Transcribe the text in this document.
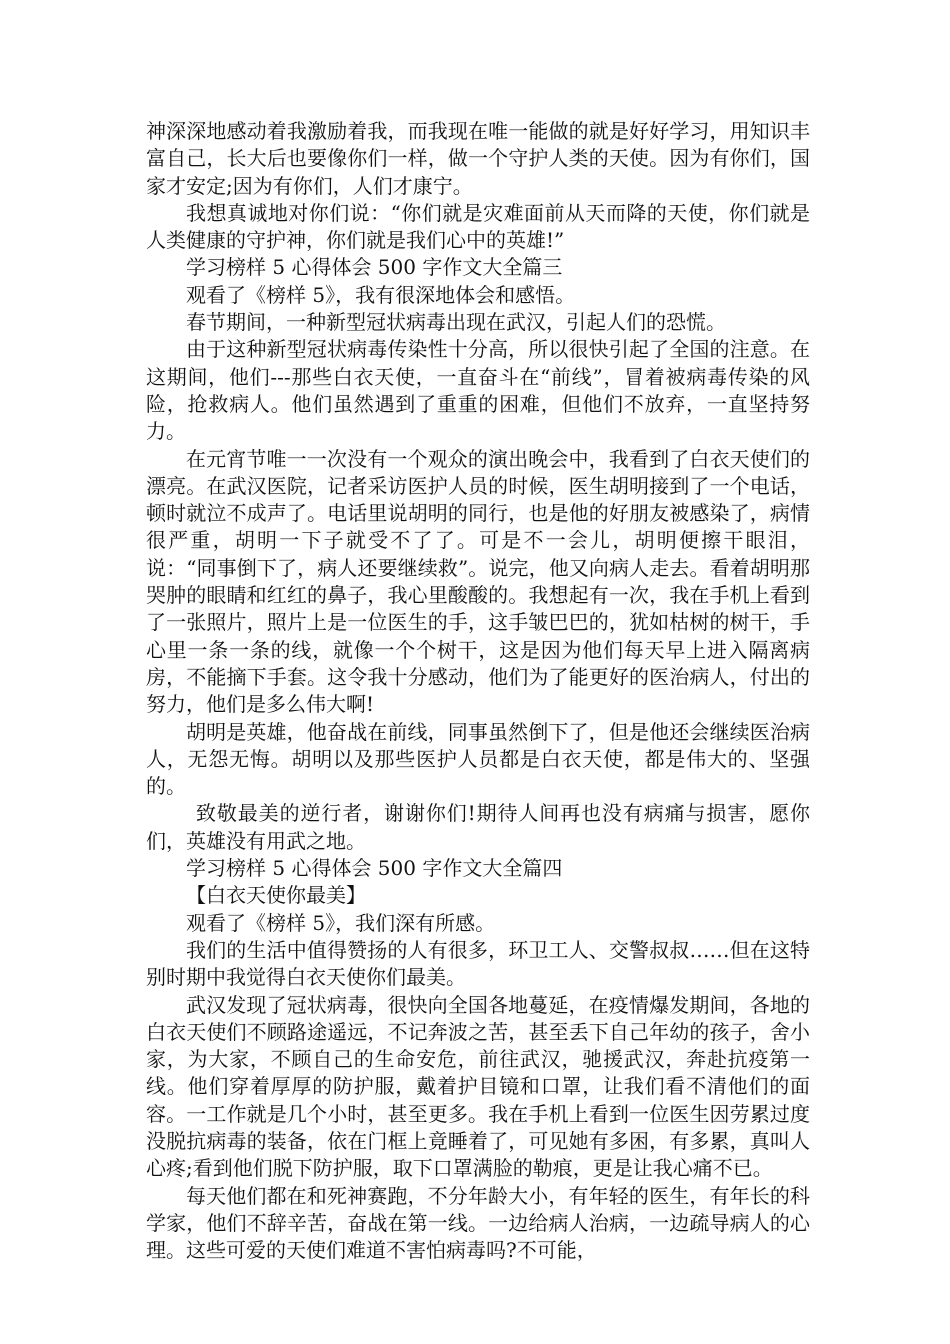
神深深地感动着我激励着我，而我现在唯一能做的就是好好学习，用知识丰富自己，长大后也要像你们一样，做一个守护人类的天使。因为有你们，国家才安定;因为有你们，人们才康宁。

我想真诚地对你们说：“你们就是灾难面前从天而降的天使，你们就是人类健康的守护神，你们就是我们心中的英雄!”

学习榜样 5 心得体会 500 字作文大全篇三

观看了《榜样 5》，我有很深地体会和感悟。

春节期间，一种新型冠状病毒出现在武汉，引起人们的恐慌。

由于这种新型冠状病毒传染性十分高，所以很快引起了全国的注意。在这期间，他们---那些白衣天使，一直奋斗在“前线”，冒着被病毒传染的风险，抢救病人。他们虽然遇到了重重的困难，但他们不放弃，一直坚持努力。

在元宵节唯一一次没有一个观众的演出晚会中，我看到了白衣天使们的漂亮。在武汉医院，记者采访医护人员的时候，医生胡明接到了一个电话，顿时就泣不成声了。电话里说胡明的同行，也是他的好朋友被感染了，病情很严重，胡明一下子就受不了了。可是不一会儿，胡明便擦干眼泪，说：“同事倒下了，病人还要继续救”。说完，他又向病人走去。看着胡明那哭肿的眼睛和红红的鼻子，我心里酸酸的。我想起有一次，我在手机上看到了一张照片，照片上是一位医生的手，这手皱巴巴的，犹如枯树的树干，手心里一条一条的线，就像一个个树干，这是因为他们每天早上进入隔离病房，不能摘下手套。这令我十分感动，他们为了能更好的医治病人，付出的努力，他们是多么伟大啊!

胡明是英雄，他奋战在前线，同事虽然倒下了，但是他还会继续医治病人，无怨无悔。胡明以及那些医护人员都是白衣天使，都是伟大的、坚强的。

致敬最美的逆行者，谢谢你们!期待人间再也没有病痛与损害，愿你们，英雄没有用武之地。

学习榜样 5 心得体会 500 字作文大全篇四

【白衣天使你最美】

观看了《榜样 5》，我们深有所感。

我们的生活中值得赞扬的人有很多，环卫工人、交警叔叔……但在这特别时期中我觉得白衣天使你们最美。

武汉发现了冠状病毒，很快向全国各地蔓延，在疫情爆发期间，各地的白衣天使们不顾路途遥远，不记奔波之苦，甚至丢下自己年幼的孩子，舍小家，为大家，不顾自己的生命安危，前往武汉，驰援武汉，奔赴抗疫第一线。他们穿着厚厚的防护服，戴着护目镜和口罩，让我们看不清他们的面容。一工作就是几个小时，甚至更多。我在手机上看到一位医生因劳累过度没脱抗病毒的装备，依在门框上竟睡着了，可见她有多困，有多累，真叫人心疼;看到他们脱下防护服，取下口罩满脸的勒痕，更是让我心痛不已。

每天他们都在和死神赛跑，不分年龄大小，有年轻的医生，有年长的科学家，他们不辞辛苦，奋战在第一线。一边给病人治病，一边疏导病人的心理。这些可爱的天使们难道不害怕病毒吗?不可能，
